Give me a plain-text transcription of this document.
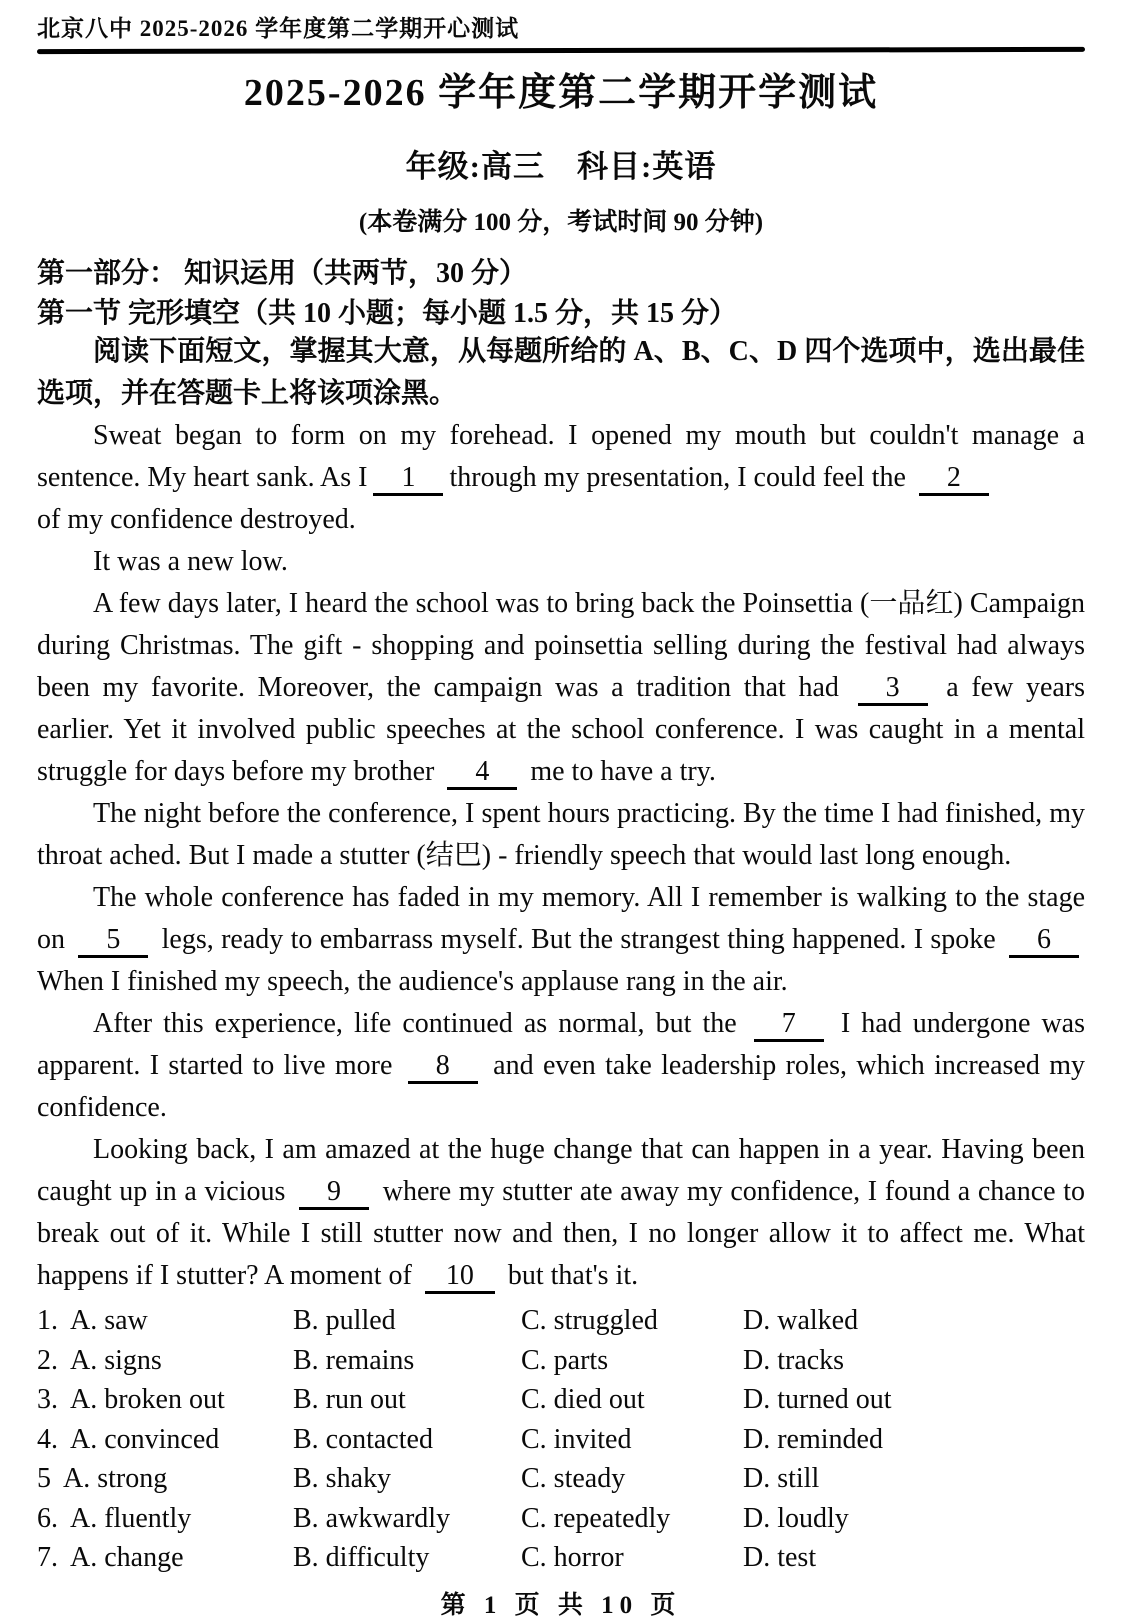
北京八中 2025-2026 学年度第二学期开心测试
2025-2026 学年度第二学期开学测试
年级:高三　科目:英语
(本卷满分 100 分，考试时间 90 分钟)
第一部分： 知识运用（共两节，30 分）
第一节 完形填空（共 10 小题；每小题 1.5 分，共 15 分）

阅读下面短文，掌握其大意，从每题所给的 A、B、C、D 四个选项中，选出最佳选项，并在答题卡上将该项涂黑。

Sweat began to form on my forehead. I opened my mouth but couldn't manage a sentence. My heart sank. As I 1 through my presentation, I could feel the 2

of my confidence destroyed.

It was a new low.

A few days later, I heard the school was to bring back the Poinsettia (一品红) Campaign during Christmas. The gift - shopping and poinsettia selling during the festival had always been my favorite. Moreover, the campaign was a tradition that had 3 a few years earlier. Yet it involved public speeches at the school conference. I was caught in a mental struggle for days before my brother 4 me to have a try.

The night before the conference, I spent hours practicing. By the time I had finished, my throat ached. But I made a stutter (结巴) - friendly speech that would last long enough.

The whole conference has faded in my memory. All I remember is walking to the stage on 5 legs, ready to embarrass myself. But the strangest thing happened. I spoke 6 When I finished my speech, the audience's applause rang in the air.

After this experience, life continued as normal, but the 7 I had undergone was apparent. I started to live more 8 and even take leadership roles, which increased my confidence.

Looking back, I am amazed at the huge change that can happen in a year. Having been caught up in a vicious 9 where my stutter ate away my confidence, I found a chance to break out of it. While I still stutter now and then, I no longer allow it to affect me. What happens if I stutter? A moment of 10 but that's it.

1. A. saw	B. pulled	C. struggled	D. walked
2. A. signs	B. remains	C. parts	D. tracks
3. A. broken out	B. run out	C. died out	D. turned out
4. A. convinced	B. contacted	C. invited	D. reminded
5 A. strong	B. shaky	C. steady	D. still
6. A. fluently	B. awkwardly	C. repeatedly	D. loudly
7. A. change	B. difficulty	C. horror	D. test
第 1 页 共 10 页
